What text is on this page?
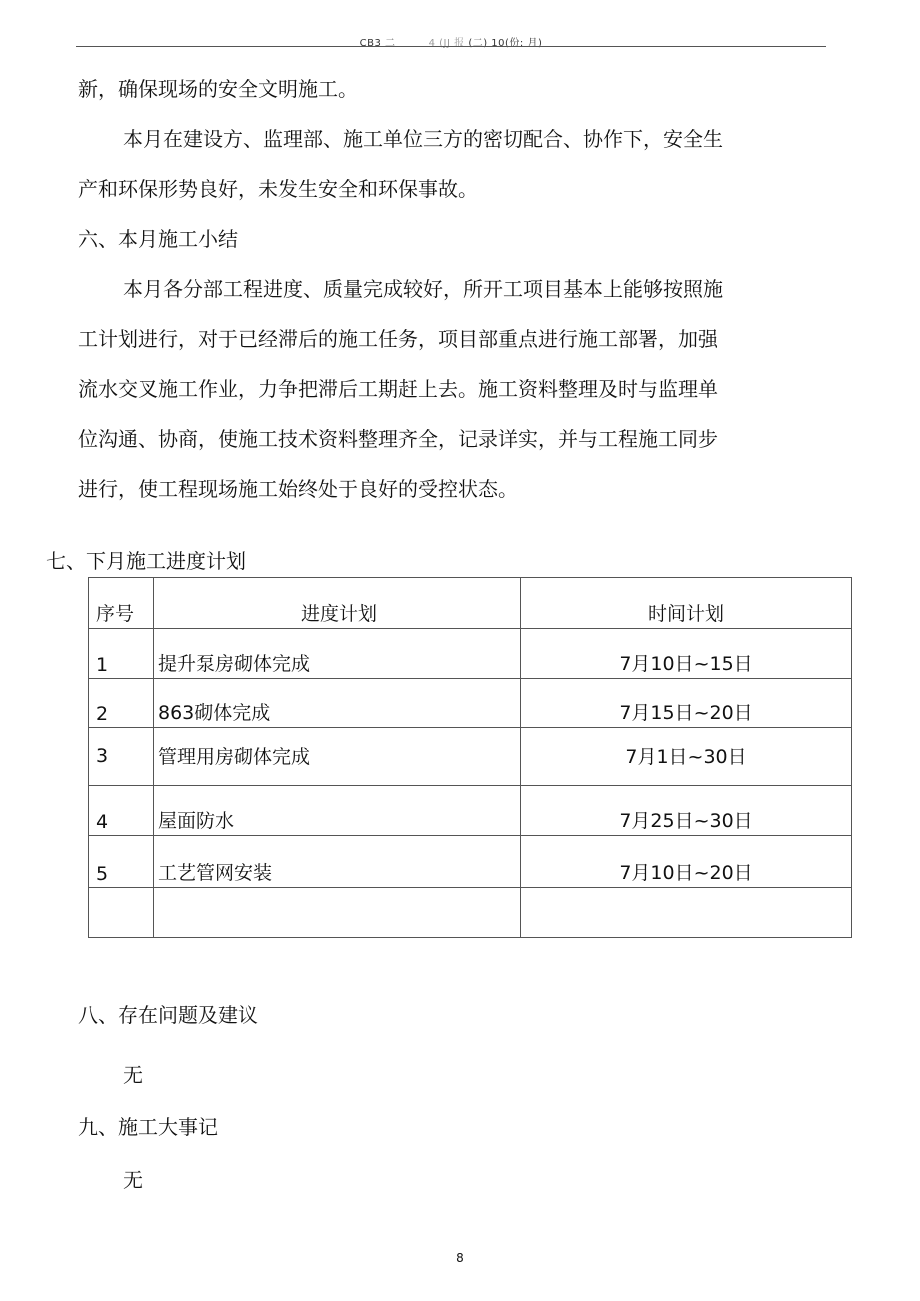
CB3 二	4 (JJ 报 (二) 10(份: 月)
新，确保现场的安全文明施工。
本月在建设方、监理部、施工单位三方的密切配合、协作下，安全生
产和环保形势良好，未发生安全和环保事故。
六、本月施工小结
本月各分部工程进度、质量完成较好，所开工项目基本上能够按照施
工计划进行，对于已经滞后的施工任务，项目部重点进行施工部署，加强
流水交叉施工作业，力争把滞后工期赶上去。施工资料整理及时与监理单
位沟通、协商，使施工技术资料整理齐全，记录详实，并与工程施工同步
进行，使工程现场施工始终处于良好的受控状态。
七、下月施工进度计划
序号	进度计划	时间计划

1	提升泵房砌体完成	7月10日~15日

2	863砌体完成	7月15日~20日

3	管理用房砌体完成	7月1日~30日

4	屋面防水	7月25日~30日

5	工艺管网安装	7月10日~20日

八、存在问题及建议
无
九、施工大事记
无
8
